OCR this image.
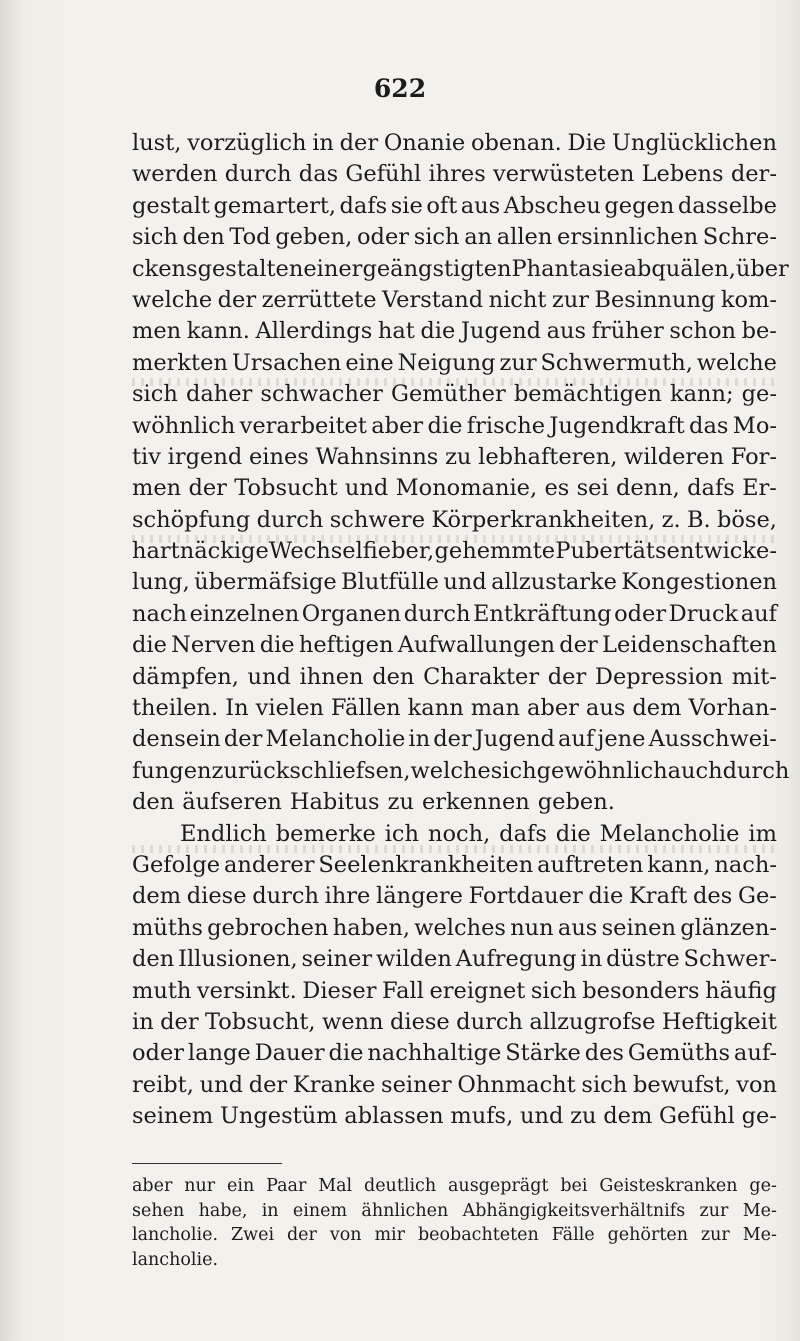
622
lust, vorzüglich in der Onanie obenan. Die Unglücklichen
werden durch das Gefühl ihres verwüsteten Lebens der-
gestalt gemartert, dafs sie oft aus Abscheu gegen dasselbe
sich den Tod geben, oder sich an allen ersinnlichen Schre-
ckensgestalten einer geängstigten Phantasie abquälen, über
welche der zerrüttete Verstand nicht zur Besinnung kom-
men kann. Allerdings hat die Jugend aus früher schon be-
merkten Ursachen eine Neigung zur Schwermuth, welche
sich daher schwacher Gemüther bemächtigen kann; ge-
wöhnlich verarbeitet aber die frische Jugendkraft das Mo-
tiv irgend eines Wahnsinns zu lebhafteren, wilderen For-
men der Tobsucht und Monomanie, es sei denn, dafs Er-
schöpfung durch schwere Körperkrankheiten, z. B. böse,
hartnäckige Wechselfieber, gehemmte Pubertätsentwicke-
lung, übermäfsige Blutfülle und allzustarke Kongestionen
nach einzelnen Organen durch Entkräftung oder Druck auf
die Nerven die heftigen Aufwallungen der Leidenschaften
dämpfen, und ihnen den Charakter der Depression mit-
theilen. In vielen Fällen kann man aber aus dem Vorhan-
densein der Melancholie in der Jugend auf jene Ausschwei-
fungen zurückschliefsen, welche sich gewöhnlich auch durch
den äufseren Habitus zu erkennen geben.
Endlich bemerke ich noch, dafs die Melancholie im
Gefolge anderer Seelenkrankheiten auftreten kann, nach-
dem diese durch ihre längere Fortdauer die Kraft des Ge-
müths gebrochen haben, welches nun aus seinen glänzen-
den Illusionen, seiner wilden Aufregung in düstre Schwer-
muth versinkt. Dieser Fall ereignet sich besonders häufig
in der Tobsucht, wenn diese durch allzugrofse Heftigkeit
oder lange Dauer die nachhaltige Stärke des Gemüths auf-
reibt, und der Kranke seiner Ohnmacht sich bewufst, von
seinem Ungestüm ablassen mufs, und zu dem Gefühl ge-
aber nur ein Paar Mal deutlich ausgeprägt bei Geisteskranken ge-
sehen habe, in einem ähnlichen Abhängigkeitsverhältnifs zur Me-
lancholie. Zwei der von mir beobachteten Fälle gehörten zur Me-
lancholie.
